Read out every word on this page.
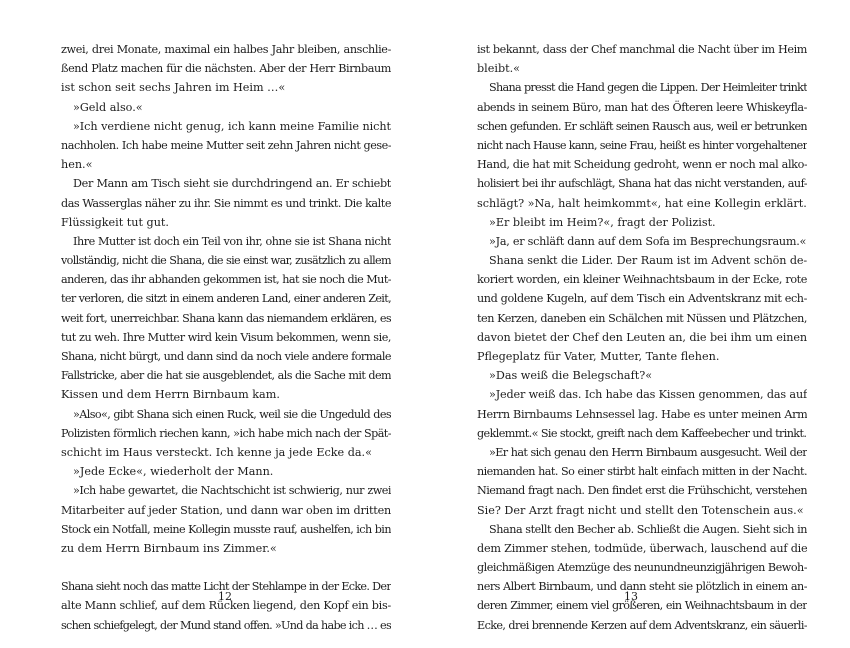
zwei, drei Monate, maximal ein halbes Jahr bleiben, anschlie-
ßend Platz machen für die nächsten. Aber der Herr Birnbaum
ist schon seit sechs Jahren im Heim …«
»Geld also.«
»Ich verdiene nicht genug, ich kann meine Familie nicht
nachholen. Ich habe meine Mutter seit zehn Jahren nicht gese-
hen.«
Der Mann am Tisch sieht sie durchdringend an. Er schiebt
das Wasserglas näher zu ihr. Sie nimmt es und trinkt. Die kalte
Flüssigkeit tut gut.
Ihre Mutter ist doch ein Teil von ihr, ohne sie ist Shana nicht
vollständig, nicht die Shana, die sie einst war, zusätzlich zu allem
anderen, das ihr abhanden gekommen ist, hat sie noch die Mut-
ter verloren, die sitzt in einem anderen Land, einer anderen Zeit,
weit fort, unerreichbar. Shana kann das niemandem erklären, es
tut zu weh. Ihre Mutter wird kein Visum bekommen, wenn sie,
Shana, nicht bürgt, und dann sind da noch viele andere formale
Fallstricke, aber die hat sie ausgeblendet, als die Sache mit dem
Kissen und dem Herrn Birnbaum kam.
»Also«, gibt Shana sich einen Ruck, weil sie die Ungeduld des
Polizisten förmlich riechen kann, »ich habe mich nach der Spät-
schicht im Haus versteckt. Ich kenne ja jede Ecke da.«
»Jede Ecke«, wiederholt der Mann.
»Ich habe gewartet, die Nachtschicht ist schwierig, nur zwei
Mitarbeiter auf jeder Station, und dann war oben im dritten
Stock ein Notfall, meine Kollegin musste rauf, aushelfen, ich bin
zu dem Herrn Birnbaum ins Zimmer.«
Shana sieht noch das matte Licht der Stehlampe in der Ecke. Der
alte Mann schlief, auf dem Rücken liegend, den Kopf ein bis-
schen schiefgelegt, der Mund stand offen. »Und da habe ich … es
ist bekannt, dass der Chef manchmal die Nacht über im Heim
bleibt.«
Shana presst die Hand gegen die Lippen. Der Heimleiter trinkt
abends in seinem Büro, man hat des Öfteren leere Whiskeyfla-
schen gefunden. Er schläft seinen Rausch aus, weil er betrunken
nicht nach Hause kann, seine Frau, heißt es hinter vorgehaltener
Hand, die hat mit Scheidung gedroht, wenn er noch mal alko-
holisiert bei ihr aufschlägt, Shana hat das nicht verstanden, auf-
schlägt? »Na, halt heimkommt«, hat eine Kollegin erklärt.
»Er bleibt im Heim?«, fragt der Polizist.
»Ja, er schläft dann auf dem Sofa im Besprechungsraum.«
Shana senkt die Lider. Der Raum ist im Advent schön de-
koriert worden, ein kleiner Weihnachtsbaum in der Ecke, rote
und goldene Kugeln, auf dem Tisch ein Adventskranz mit ech-
ten Kerzen, daneben ein Schälchen mit Nüssen und Plätzchen,
davon bietet der Chef den Leuten an, die bei ihm um einen
Pflegeplatz für Vater, Mutter, Tante flehen.
»Das weiß die Belegschaft?«
»Jeder weiß das. Ich habe das Kissen genommen, das auf
Herrn Birnbaums Lehnsessel lag. Habe es unter meinen Arm
geklemmt.« Sie stockt, greift nach dem Kaffeebecher und trinkt.
»Er hat sich genau den Herrn Birnbaum ausgesucht. Weil der
niemanden hat. So einer stirbt halt einfach mitten in der Nacht.
Niemand fragt nach. Den findet erst die Frühschicht, verstehen
Sie? Der Arzt fragt nicht und stellt den Totenschein aus.«
Shana stellt den Becher ab. Schließt die Augen. Sieht sich in
dem Zimmer stehen, todmüde, überwach, lauschend auf die
gleichmäßigen Atemzüge des neunundneunzigjährigen Bewoh-
ners Albert Birnbaum, und dann steht sie plötzlich in einem an-
deren Zimmer, einem viel größeren, ein Weihnachtsbaum in der
Ecke, drei brennende Kerzen auf dem Adventskranz, ein säuerli-
12	13
